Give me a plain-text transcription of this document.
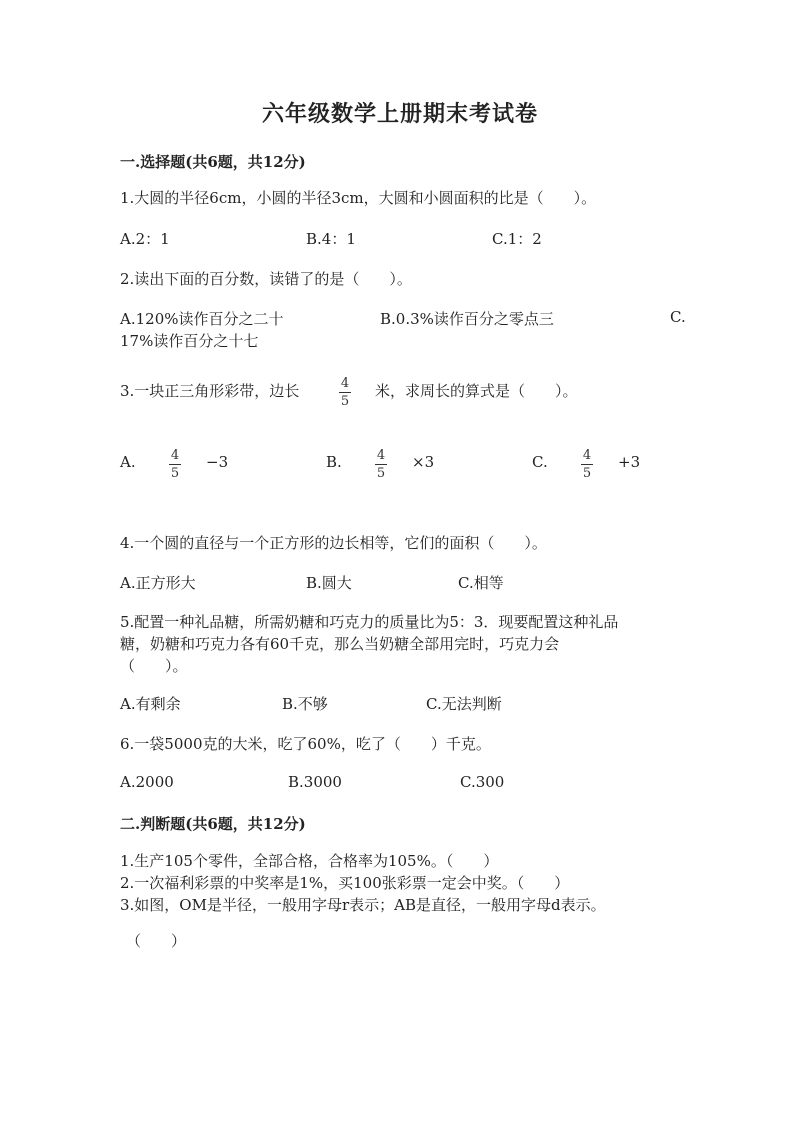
六年级数学上册期末考试卷
一.选择题(共6题，共12分)
1.大圆的半径6cm，小圆的半径3cm，大圆和小圆面积的比是（　　）。
A.2：1	B.4：1	C.1：2
2.读出下面的百分数，读错了的是（　　）。
A.120%读作百分之二十	B.0.3%读作百分之零点三	C.
17%读作百分之十七
3.一块正三角形彩带，边长	4
5
米，求周长的算式是（　　）。
A.	4
5
−3	B.	4
5
×3	C.	4
5
+3
4.一个圆的直径与一个正方形的边长相等，它们的面积（　　）。
A.正方形大	B.圆大	C.相等
5.配置一种礼品糖，所需奶糖和巧克力的质量比为5：3．现要配置这种礼品
糖，奶糖和巧克力各有60千克，那么当奶糖全部用完时，巧克力会
（　　）。
A.有剩余	B.不够	C.无法判断
6.一袋5000克的大米，吃了60%，吃了（　　）千克。
A.2000	B.3000	C.300
二.判断题(共6题，共12分)
1.生产105个零件，全部合格，合格率为105%。（　　）
2.一次福利彩票的中奖率是1%，买100张彩票一定会中奖。（　　）
3.如图，OM是半径，一般用字母r表示；AB是直径，一般用字母d表示。
（　　）
